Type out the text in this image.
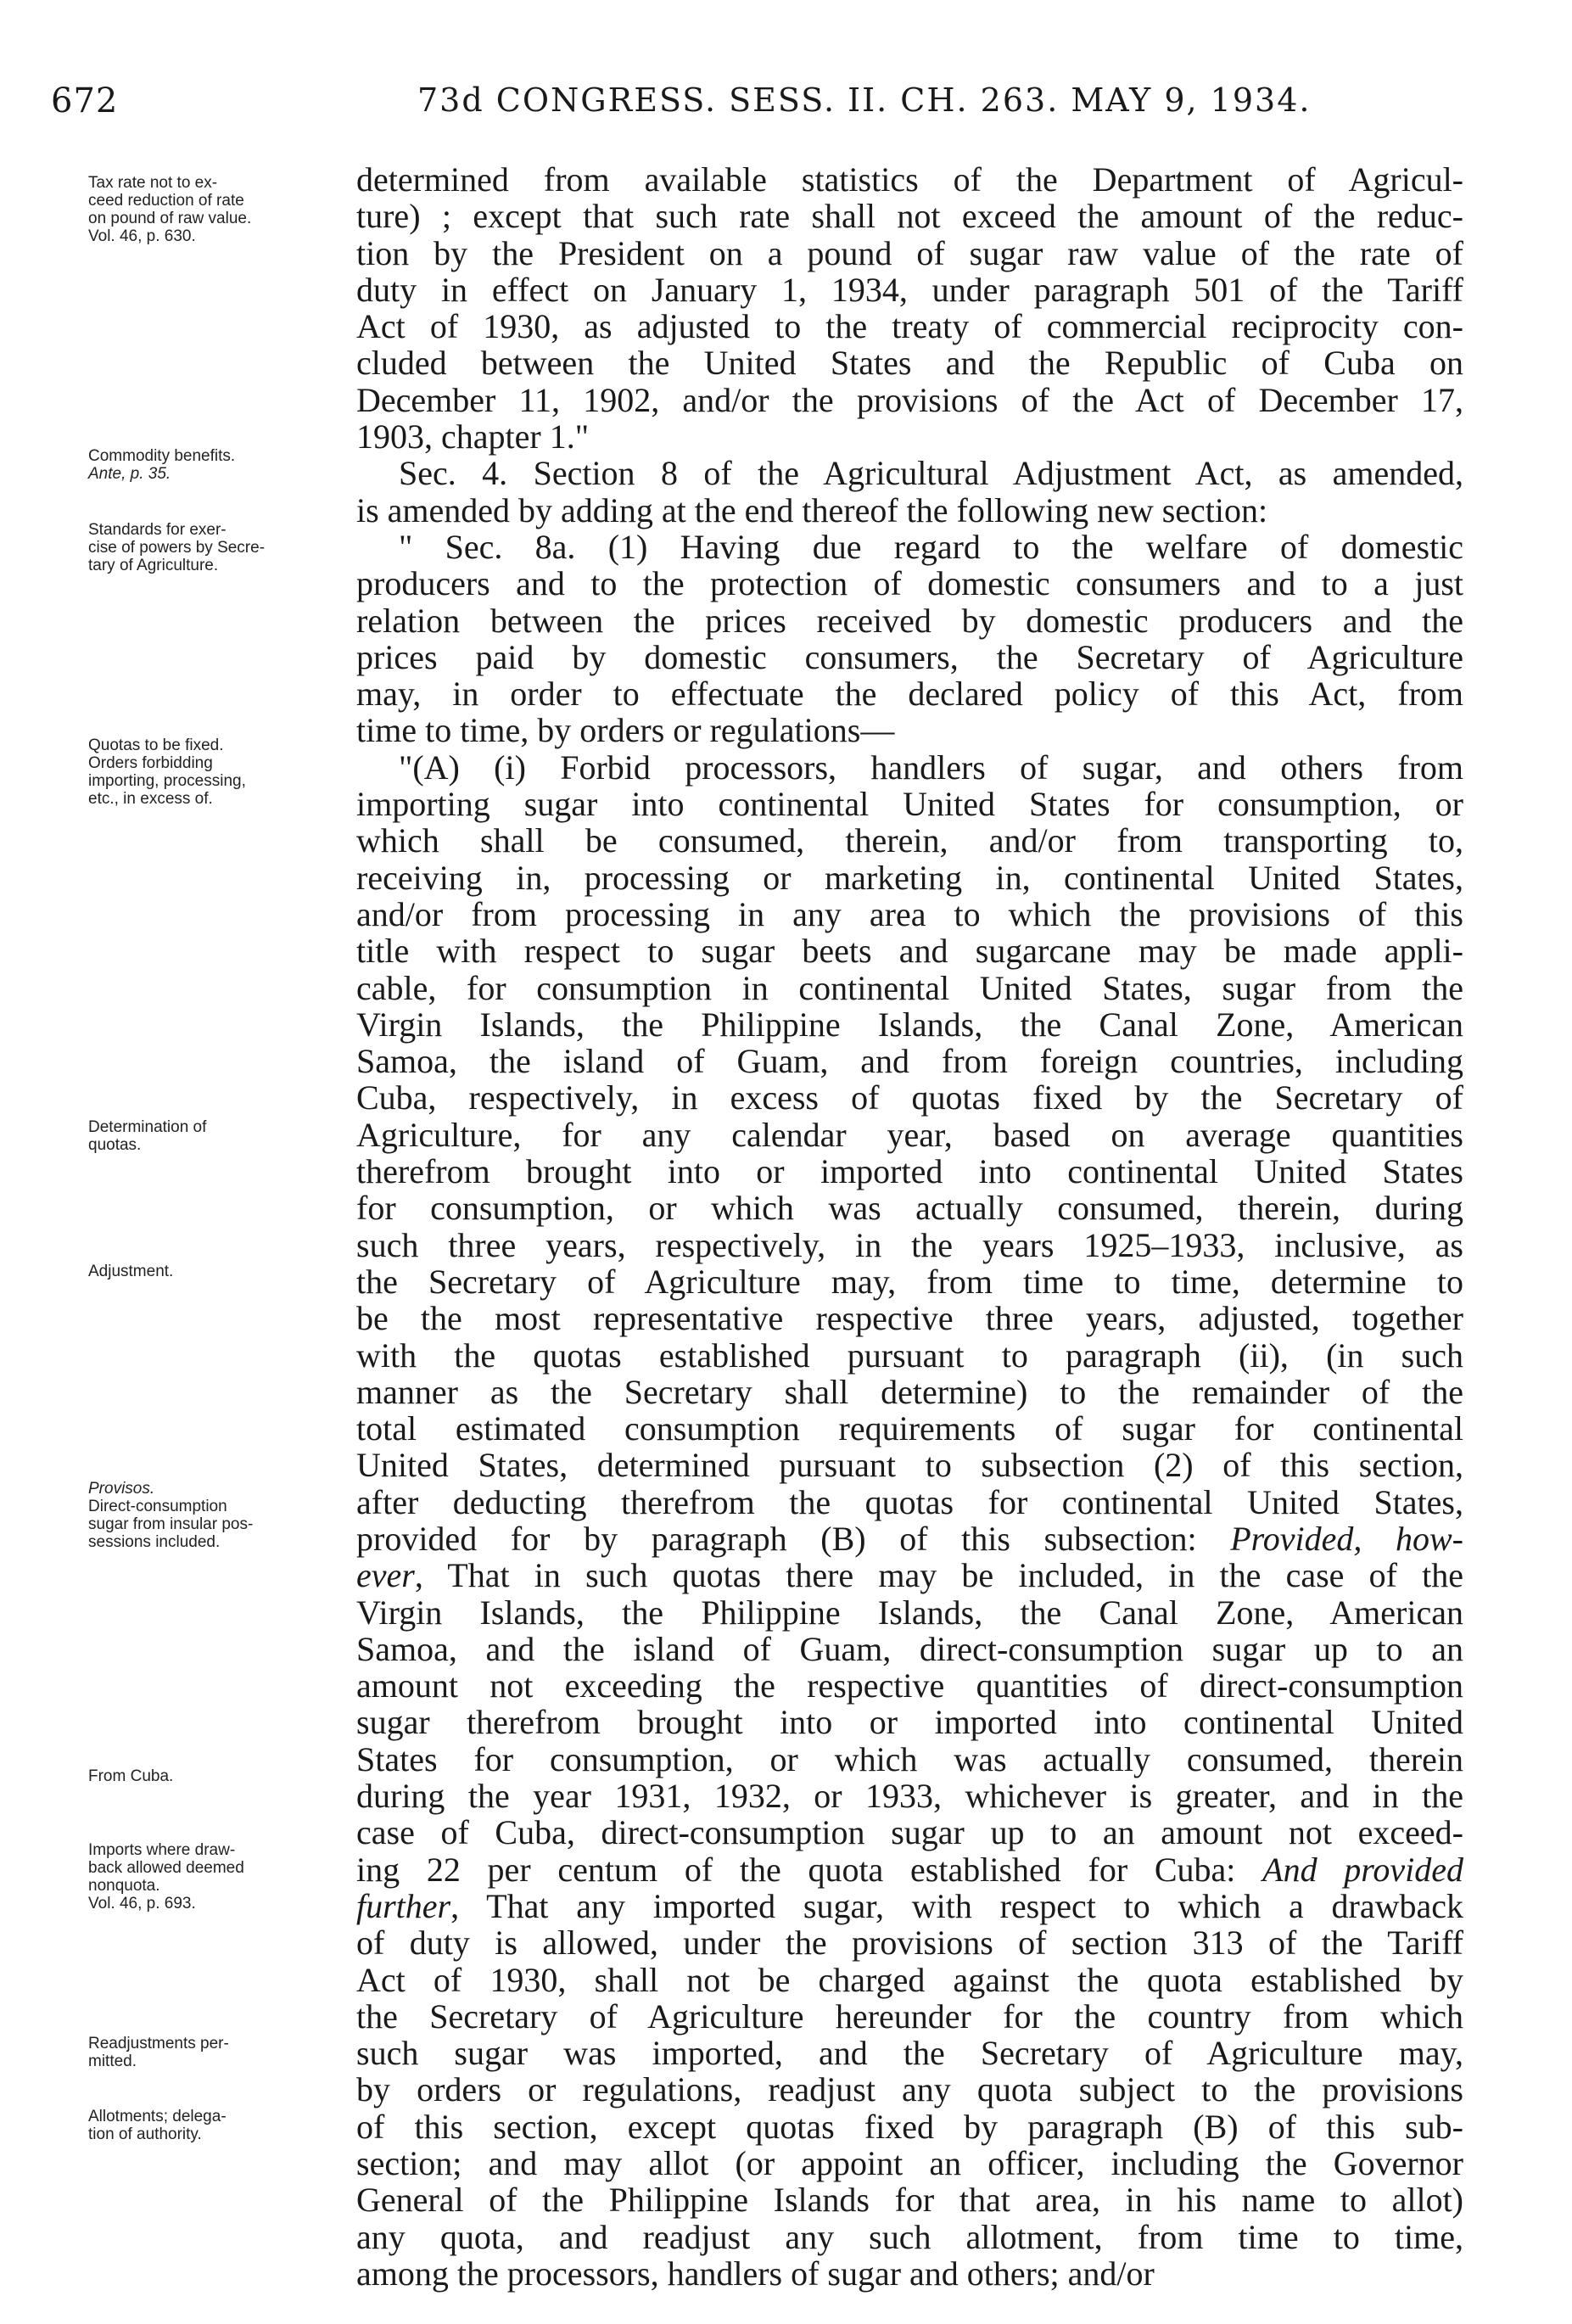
672	73d CONGRESS. SESS. II. CH. 263. MAY 9, 1934.
Tax rate not to ex-
ceed reduction of rate
on pound of raw value.
Vol. 46, p. 630.
Commodity benefits.
Ante, p. 35.
Standards for exer-
cise of powers by Secre-
tary of Agriculture.
Quotas to be fixed.
Orders forbidding
importing, processing,
etc., in excess of.
Determination of
quotas.
Adjustment.
Provisos.
Direct-consumption
sugar from insular pos-
sessions included.
From Cuba.
Imports where draw-
back allowed deemed
nonquota.
Vol. 46, p. 693.
Readjustments per-
mitted.
Allotments; delega-
tion of authority.

determined from available statistics of the Department of Agricul-
ture) ; except that such rate shall not exceed the amount of the reduc-
tion by the President on a pound of sugar raw value of the rate of
duty in effect on January 1, 1934, under paragraph 501 of the Tariff
Act of 1930, as adjusted to the treaty of commercial reciprocity con-
cluded between the United States and the Republic of Cuba on
December 11, 1902, and/or the provisions of the Act of December 17,
1903, chapter 1."

Sec. 4. Section 8 of the Agricultural Adjustment Act, as amended,
is amended by adding at the end thereof the following new section:

" Sec. 8a. (1) Having due regard to the welfare of domestic
producers and to the protection of domestic consumers and to a just
relation between the prices received by domestic producers and the
prices paid by domestic consumers, the Secretary of Agriculture
may, in order to effectuate the declared policy of this Act, from
time to time, by orders or regulations—

"(A) (i) Forbid processors, handlers of sugar, and others from
importing sugar into continental United States for consumption, or
which shall be consumed, therein, and/or from transporting to,
receiving in, processing or marketing in, continental United States,
and/or from processing in any area to which the provisions of this
title with respect to sugar beets and sugarcane may be made appli-
cable, for consumption in continental United States, sugar from the
Virgin Islands, the Philippine Islands, the Canal Zone, American
Samoa, the island of Guam, and from foreign countries, including
Cuba, respectively, in excess of quotas fixed by the Secretary of
Agriculture, for any calendar year, based on average quantities
therefrom brought into or imported into continental United States
for consumption, or which was actually consumed, therein, during
such three years, respectively, in the years 1925–1933, inclusive, as
the Secretary of Agriculture may, from time to time, determine to
be the most representative respective three years, adjusted, together
with the quotas established pursuant to paragraph (ii), (in such
manner as the Secretary shall determine) to the remainder of the
total estimated consumption requirements of sugar for continental
United States, determined pursuant to subsection (2) of this section,
after deducting therefrom the quotas for continental United States,
provided for by paragraph (B) of this subsection: Provided, how-
ever, That in such quotas there may be included, in the case of the
Virgin Islands, the Philippine Islands, the Canal Zone, American
Samoa, and the island of Guam, direct-consumption sugar up to an
amount not exceeding the respective quantities of direct-consumption
sugar therefrom brought into or imported into continental United
States for consumption, or which was actually consumed, therein
during the year 1931, 1932, or 1933, whichever is greater, and in the
case of Cuba, direct-consumption sugar up to an amount not exceed-
ing 22 per centum of the quota established for Cuba: And provided
further, That any imported sugar, with respect to which a drawback
of duty is allowed, under the provisions of section 313 of the Tariff
Act of 1930, shall not be charged against the quota established by
the Secretary of Agriculture hereunder for the country from which
such sugar was imported, and the Secretary of Agriculture may,
by orders or regulations, readjust any quota subject to the provisions
of this section, except quotas fixed by paragraph (B) of this sub-
section; and may allot (or appoint an officer, including the Governor
General of the Philippine Islands for that area, in his name to allot)
any quota, and readjust any such allotment, from time to time,
among the processors, handlers of sugar and others; and/or
